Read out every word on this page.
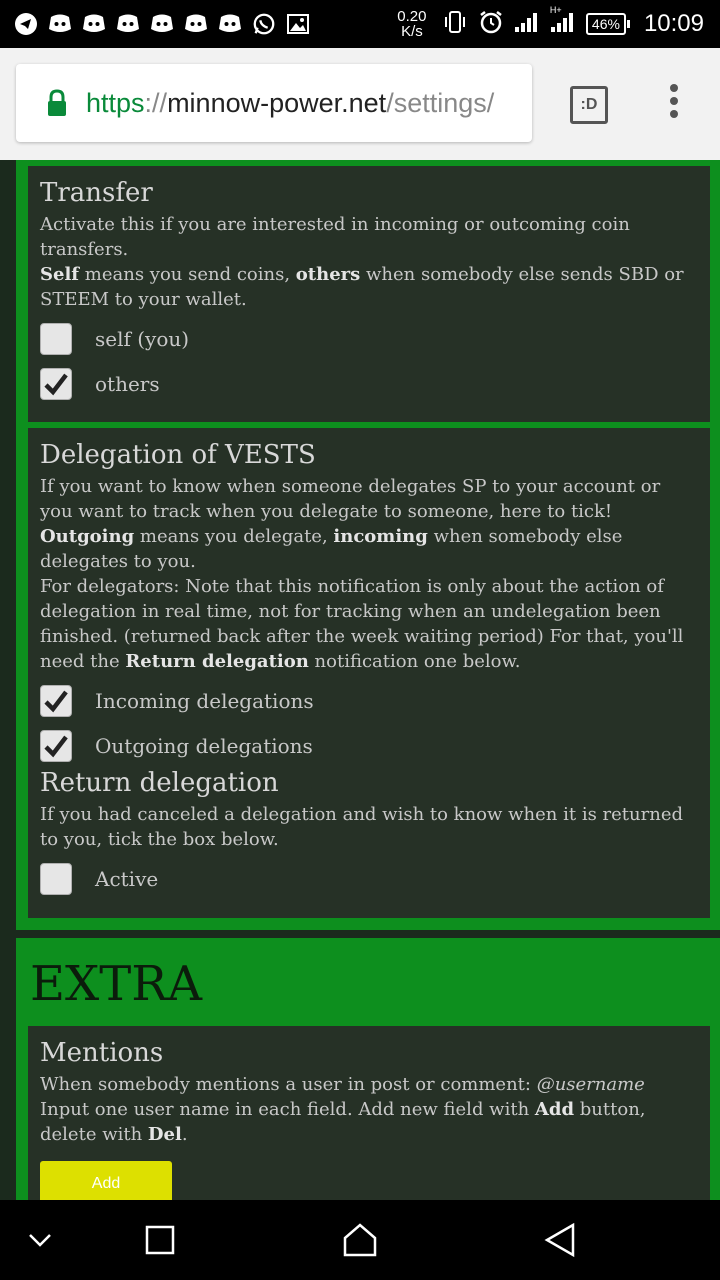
0.20
K/s
H+
46% 10:09
https://minnow-power.net/settings/	:D
Transfer

Activate this if you are interested in incoming or outcoming coin transfers.
Self means you send coins, others when somebody else sends SBD or STEEM to your wallet.

self (you)
others
Delegation of VESTS

If you want to know when someone delegates SP to your account or you want to track when you delegate to someone, here to tick!
Outgoing means you delegate, incoming when somebody else delegates to you.
For delegators: Note that this notification is only about the action of delegation in real time, not for tracking when an undelegation been finished. (returned back after the week waiting period) For that, you'll need the Return delegation notification one below.

Incoming delegations
Outgoing delegations
Return delegation

If you had canceled a delegation and wish to know when it is returned to you, tick the box below.

Active
EXTRA
Mentions

When somebody mentions a user in post or comment: @username
Input one user name in each field. Add new field with Add button, delete with Del.

Add
